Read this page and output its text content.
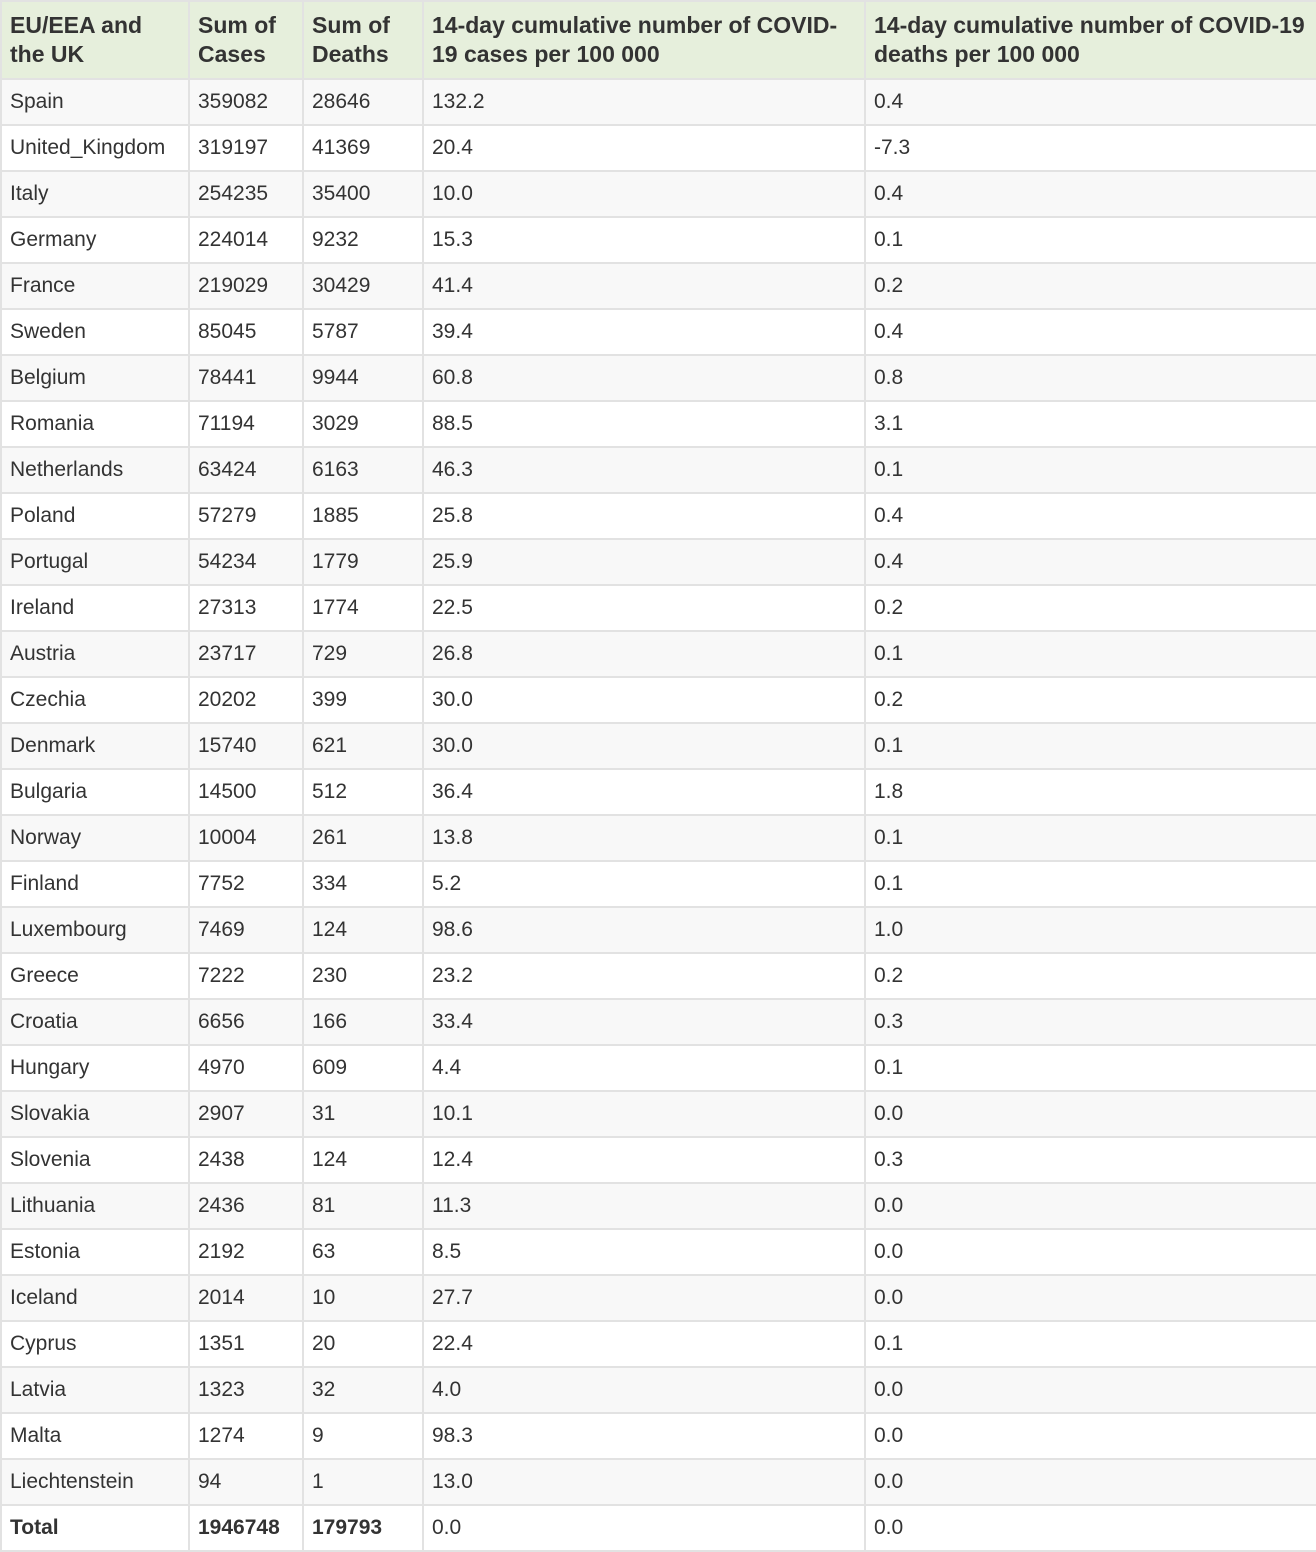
EU/EEA and the UK	Sum of Cases	Sum of Deaths	14-day cumulative number of COVID-19 cases per 100 000	14-day cumulative number of COVID-19 deaths per 100 000
Spain	359082	28646	132.2	0.4
United_Kingdom	319197	41369	20.4	-7.3
Italy	254235	35400	10.0	0.4
Germany	224014	9232	15.3	0.1
France	219029	30429	41.4	0.2
Sweden	85045	5787	39.4	0.4
Belgium	78441	9944	60.8	0.8
Romania	71194	3029	88.5	3.1
Netherlands	63424	6163	46.3	0.1
Poland	57279	1885	25.8	0.4
Portugal	54234	1779	25.9	0.4
Ireland	27313	1774	22.5	0.2
Austria	23717	729	26.8	0.1
Czechia	20202	399	30.0	0.2
Denmark	15740	621	30.0	0.1
Bulgaria	14500	512	36.4	1.8
Norway	10004	261	13.8	0.1
Finland	7752	334	5.2	0.1
Luxembourg	7469	124	98.6	1.0
Greece	7222	230	23.2	0.2
Croatia	6656	166	33.4	0.3
Hungary	4970	609	4.4	0.1
Slovakia	2907	31	10.1	0.0
Slovenia	2438	124	12.4	0.3
Lithuania	2436	81	11.3	0.0
Estonia	2192	63	8.5	0.0
Iceland	2014	10	27.7	0.0
Cyprus	1351	20	22.4	0.1
Latvia	1323	32	4.0	0.0
Malta	1274	9	98.3	0.0
Liechtenstein	94	1	13.0	0.0
Total	1946748	179793	0.0	0.0
